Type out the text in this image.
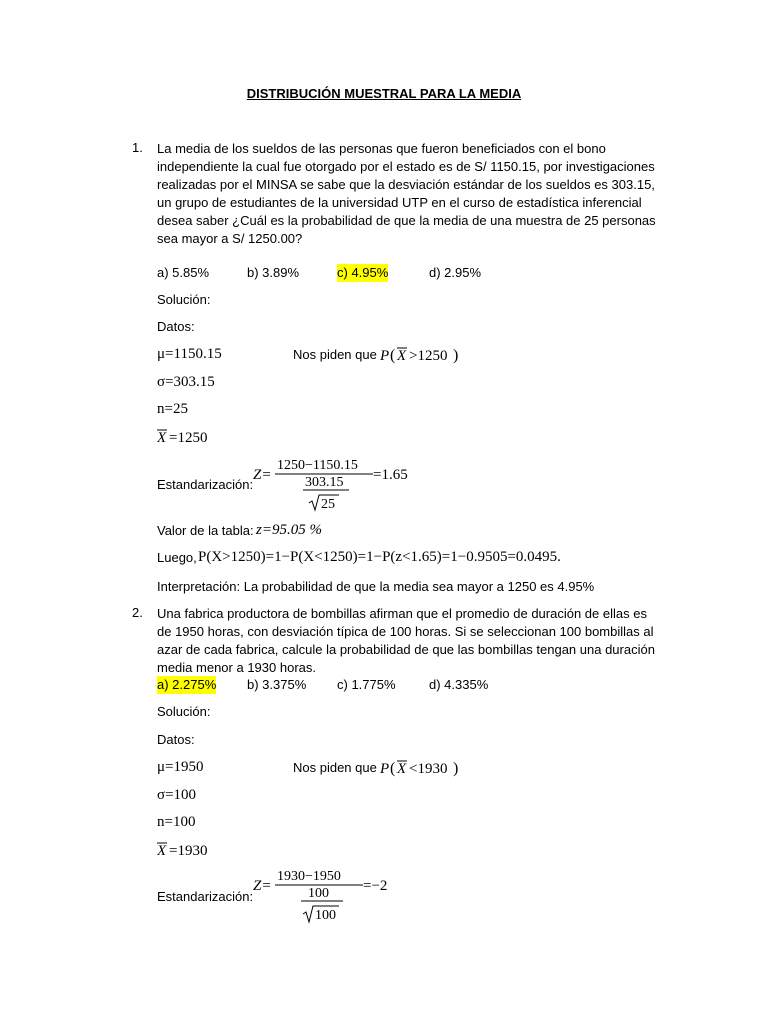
DISTRIBUCIÓN MUESTRAL PARA LA MEDIA
1. La media de los sueldos de las personas que fueron beneficiados con el bono
independiente la cual fue otorgado por el estado es de S/ 1150.15, por investigaciones
realizadas por el MINSA se sabe que la desviación estándar de los sueldos es 303.15,
un grupo de estudiantes de la universidad UTP en el curso de estadística inferencial
desea saber ¿Cuál es la probabilidad de que la media de una muestra de 25 personas
sea mayor a S/ 1250.00?
a) 5.85%	b) 3.89%	c) 4.95%	d) 2.95%
Solución:
Datos:
μ=1150.15	Nos piden que P ( X >1250 )
σ=303.15
n=25
X =1250
Estandarización:
Z=
1250−1150.15
303.15
25
=1.65
Valor de la tabla: z=95.05 %
Luego, P(X>1250)=1−P(X<1250)=1−P(z<1.65)=1−0.9505=0.0495.
Interpretación: La probabilidad de que la media sea mayor a 1250 es 4.95%
2. Una fabrica productora de bombillas afirman que el promedio de duración de ellas es
de 1950 horas, con desviación típica de 100 horas. Si se seleccionan 100 bombillas al
azar de cada fabrica, calcule la probabilidad de que las bombillas tengan una duración
media menor a 1930 horas.
a) 2.275% b) 3.375% c) 1.775%	d) 4.335%
Solución:
Datos:
μ=1950	Nos piden que P ( X <1930 )
σ=100
n=100
X =1930
Estandarización:
Z=
1930−1950
100
100
=−2
